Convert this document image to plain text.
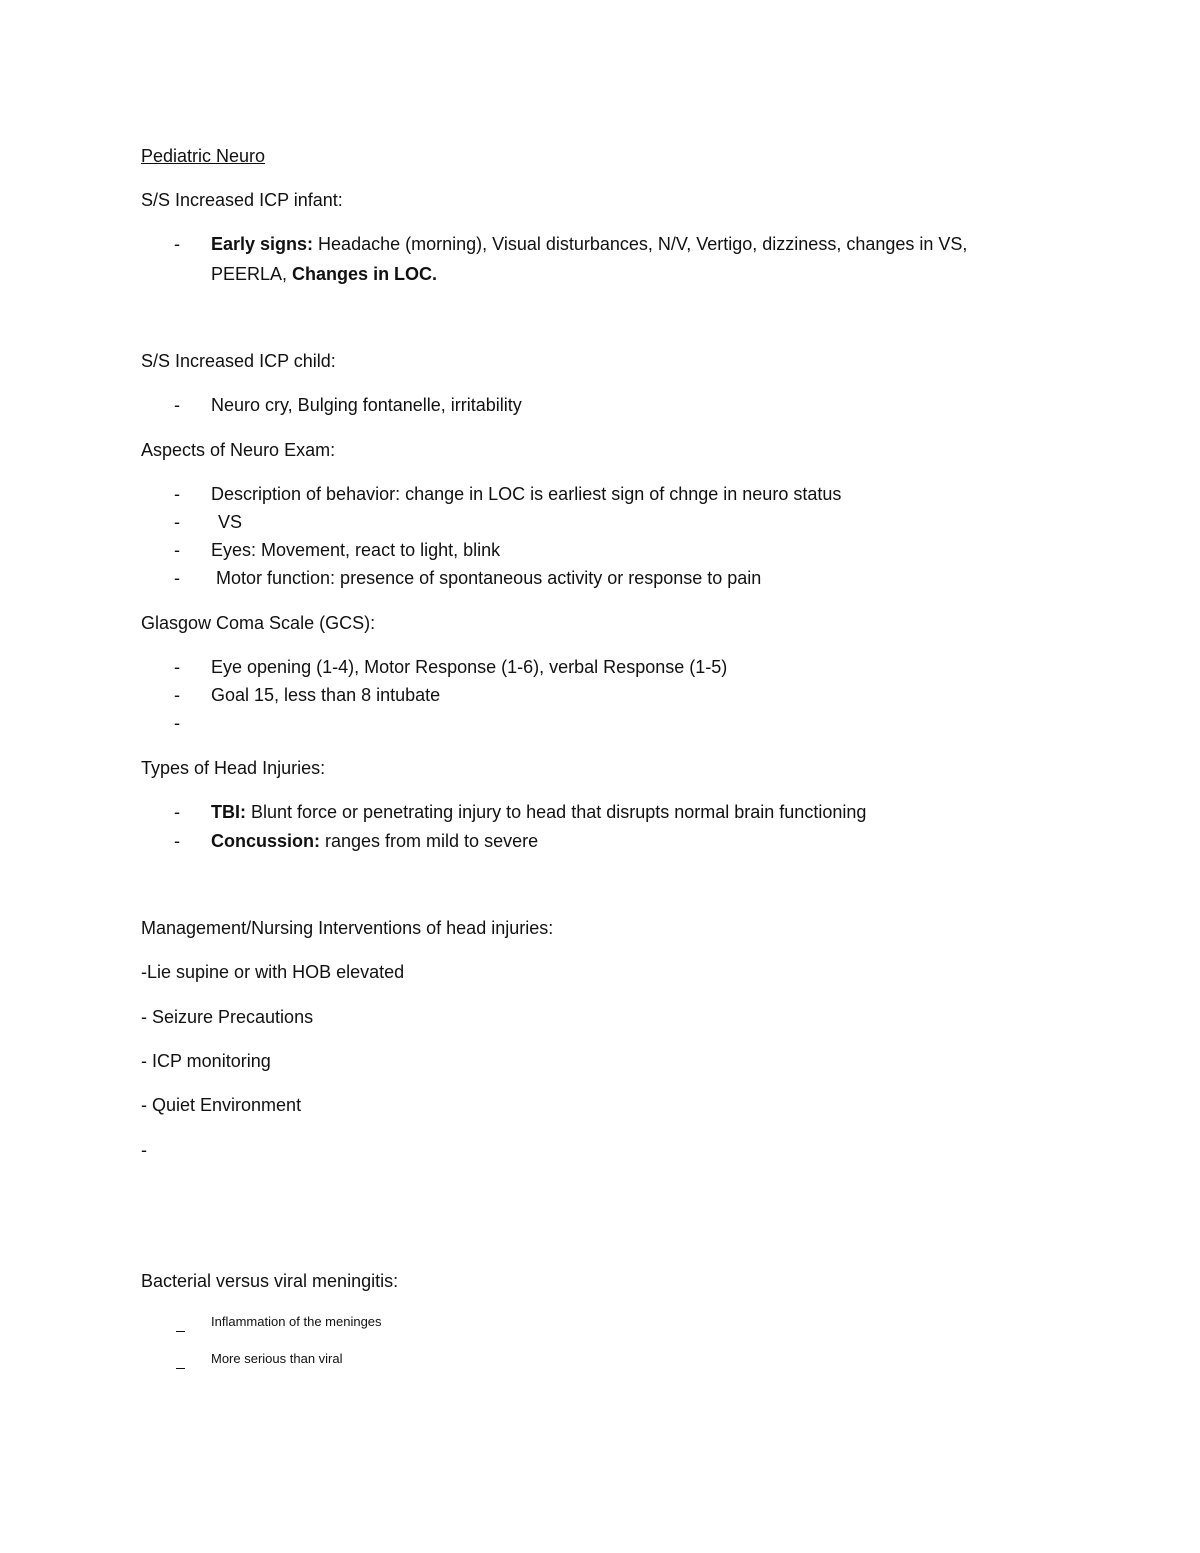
Pediatric Neuro
S/S Increased ICP infant:
- Early signs: Headache (morning), Visual disturbances, N/V, Vertigo, dizziness, changes in VS,
PEERLA, Changes in LOC.
S/S Increased ICP child:
- Neuro cry, Bulging fontanelle, irritability
Aspects of Neuro Exam:
- Description of behavior: change in LOC is earliest sign of chnge in neuro status
- VS
- Eyes: Movement, react to light, blink
- Motor function: presence of spontaneous activity or response to pain
Glasgow Coma Scale (GCS):
- Eye opening (1-4), Motor Response (1-6), verbal Response (1-5)
- Goal 15, less than 8 intubate
-
Types of Head Injuries:
- TBI: Blunt force or penetrating injury to head that disrupts normal brain functioning
- Concussion: ranges from mild to severe
Management/Nursing Interventions of head injuries:
-Lie supine or with HOB elevated
- Seizure Precautions
- ICP monitoring
- Quiet Environment
-
Bacterial versus viral meningitis:
Inflammation of the meninges
More serious than viral
